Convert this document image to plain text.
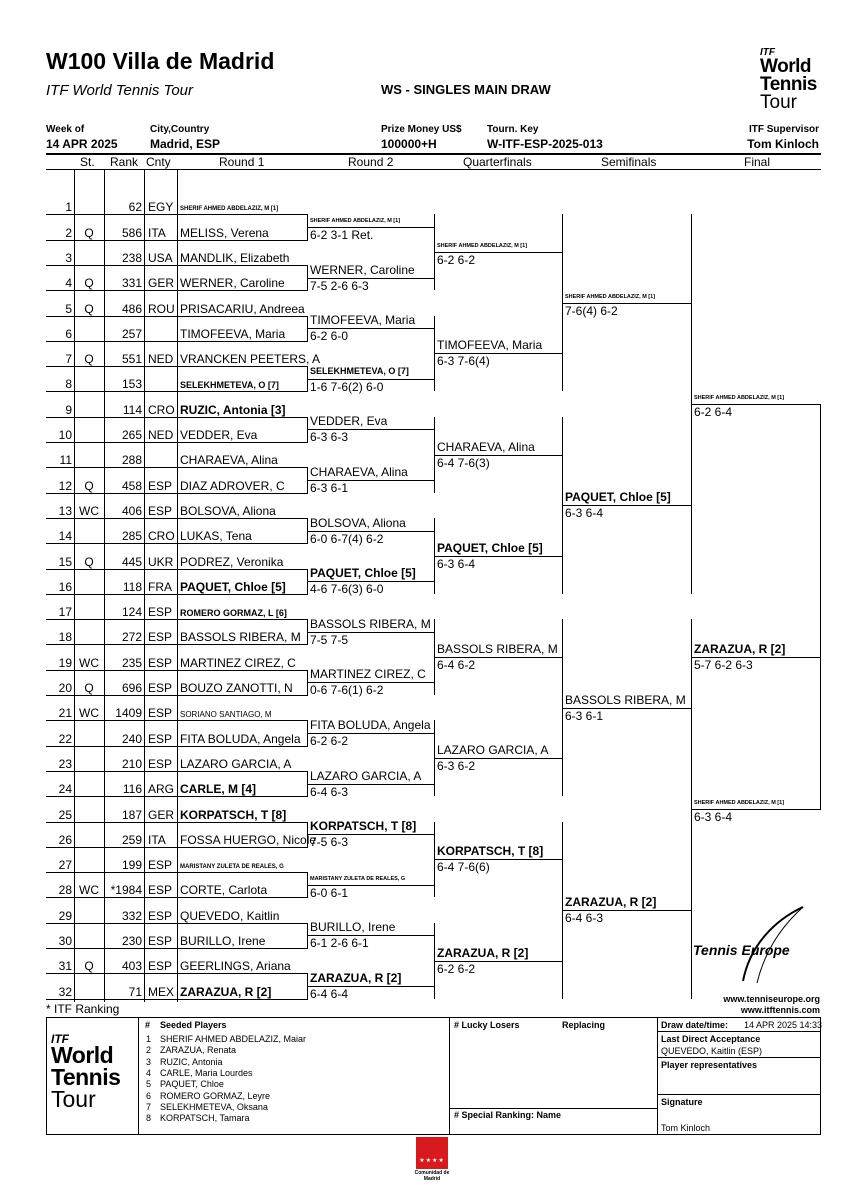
W100 Villa de Madrid
ITF World Tennis Tour	WS - SINGLES MAIN DRAW
ITF
World
Tennis
Tour
Week of
14 APR 2025
City,Country
Madrid, ESP
Prize Money US$
100000+H
Tourn. Key
W-ITF-ESP-2025-013
ITF Supervisor
Tom Kinloch
St. Rank Cnty	Round 1	Round 2	Quarterfinals	Semifinals	Final
1	62 EGY SHERIF AHMED ABDELAZIZ, M [1]
2	Q	586 ITA MELISS, Verena
3	238 USA MANDLIK, Elizabeth
4	Q	331 GER WERNER, Caroline
5	Q	486 ROU PRISACARIU, Andreea
6	257	TIMOFEEVA, Maria
7	Q	551 NED VRANCKEN PEETERS, A
8	153	SELEKHMETEVA, O [7]
9	114 CRO RUZIC, Antonia [3]
10	265 NED VEDDER, Eva
11	288	CHARAEVA, Alina
12	Q	458 ESP DIAZ ADROVER, C
13 WC	406 ESP BOLSOVA, Aliona
14	285 CRO LUKAS, Tena
15	Q	445 UKR PODREZ, Veronika
16	118 FRA PAQUET, Chloe [5]
17	124 ESP ROMERO GORMAZ, L [6]
18	272 ESP BASSOLS RIBERA, M
19 WC	235 ESP MARTINEZ CIREZ, C
20	Q	696 ESP BOUZO ZANOTTI, N
21 WC	1409 ESP SORIANO SANTIAGO, M
22	240 ESP FITA BOLUDA, Angela
23	210 ESP LAZARO GARCIA, A
24	116 ARG CARLE, M [4]
25	187 GER KORPATSCH, T [8]
26	259 ITA FOSSA HUERGO, Nicole
27	199 ESP MARISTANY ZULETA DE REALES, G
28 WC *1984 ESP CORTE, Carlota
29	332 ESP QUEVEDO, Kaitlin
30	230 ESP BURILLO, Irene
31	Q	403 ESP GEERLINGS, Ariana
32	71 MEX ZARAZUA, R [2]
SHERIF AHMED ABDELAZIZ, M [1]
6-2 3-1 Ret.
WERNER, Caroline
7-5 2-6 6-3
TIMOFEEVA, Maria
6-2 6-0
SELEKHMETEVA, O [7]
1-6 7-6(2) 6-0
VEDDER, Eva
6-3 6-3
CHARAEVA, Alina
6-3 6-1
BOLSOVA, Aliona
6-0 6-7(4) 6-2
PAQUET, Chloe [5]
4-6 7-6(3) 6-0
BASSOLS RIBERA, M
7-5 7-5
MARTINEZ CIREZ, C
0-6 7-6(1) 6-2
FITA BOLUDA, Angela
6-2 6-2
LAZARO GARCIA, A
6-4 6-3
KORPATSCH, T [8]
7-5 6-3
MARISTANY ZULETA DE REALES, G
6-0 6-1
BURILLO, Irene
6-1 2-6 6-1
ZARAZUA, R [2]
6-4 6-4
SHERIF AHMED ABDELAZIZ, M [1]
6-2 6-2
TIMOFEEVA, Maria
6-3 7-6(4)
CHARAEVA, Alina
6-4 7-6(3)
PAQUET, Chloe [5]
6-3 6-4
BASSOLS RIBERA, M
6-4 6-2
LAZARO GARCIA, A
6-3 6-2
KORPATSCH, T [8]
6-4 7-6(6)
ZARAZUA, R [2]
6-2 6-2
SHERIF AHMED ABDELAZIZ, M [1]
7-6(4) 6-2
PAQUET, Chloe [5]
6-3 6-4
BASSOLS RIBERA, M
6-3 6-1
ZARAZUA, R [2]
6-4 6-3
SHERIF AHMED ABDELAZIZ, M [1]
6-2 6-4
SHERIF AHMED ABDELAZIZ, M [1]
6-3 6-4
ZARAZUA, R [2]
5-7 6-2 6-3
Tennis Europe
www.tenniseurope.org
www.itftennis.com
* ITF Ranking
ITF
World
Tennis
Tour
# Seeded Players
1 SHERIF AHMED ABDELAZIZ, Maiar
2 ZARAZUA, Renata
3 RUZIC, Antonia
4 CARLE, Maria Lourdes
5 PAQUET, Chloe
6 ROMERO GORMAZ, Leyre
7 SELEKHMETEVA, Oksana
8 KORPATSCH, Tamara
# Lucky Losers	Replacing
# Special Ranking: Name
Draw date/time: 14 APR 2025 14:33
Last Direct Acceptance
QUEVEDO, Kaitlin (ESP)
Player representatives
Signature
Tom Kinloch
★★★★
Comunidad de Madrid
